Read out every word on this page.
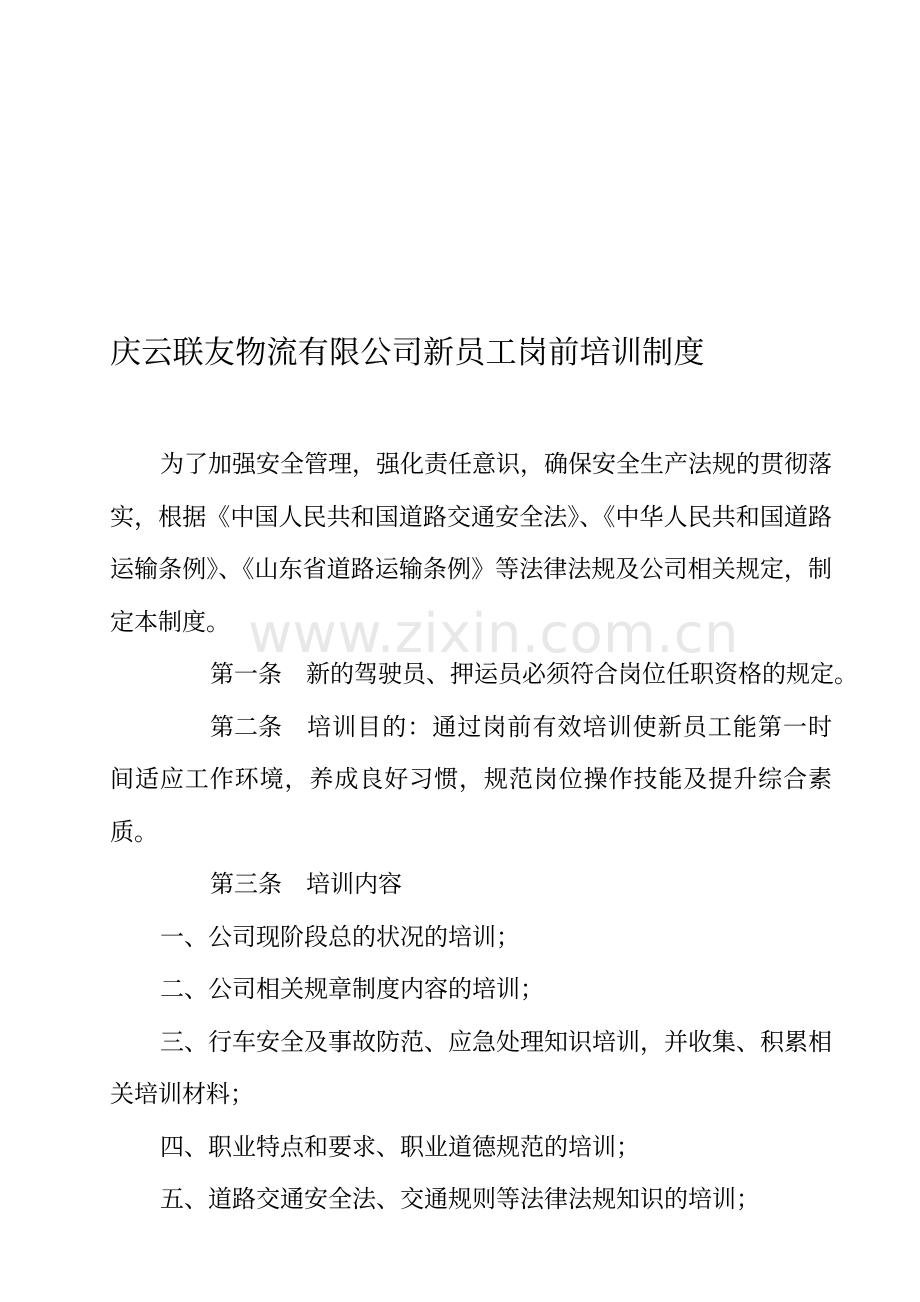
庆云联友物流有限公司新员工岗前培训制度

为了加强安全管理，强化责任意识，确保安全生产法规的贯彻落实，根据《中国人民共和国道路交通安全法》、《中华人民共和国道路运输条例》、《山东省道路运输条例》等法律法规及公司相关规定，制定本制度。

第一条 新的驾驶员、押运员必须符合岗位任职资格的规定。

第二条 培训目的：通过岗前有效培训使新员工能第一时间适应工作环境，养成良好习惯，规范岗位操作技能及提升综合素质。

第三条 培训内容

一、公司现阶段总的状况的培训；

二、公司相关规章制度内容的培训；

三、行车安全及事故防范、应急处理知识培训，并收集、积累相关培训材料；

四、职业特点和要求、职业道德规范的培训；

五、道路交通安全法、交通规则等法律法规知识的培训；

www.zixin.com.cn
